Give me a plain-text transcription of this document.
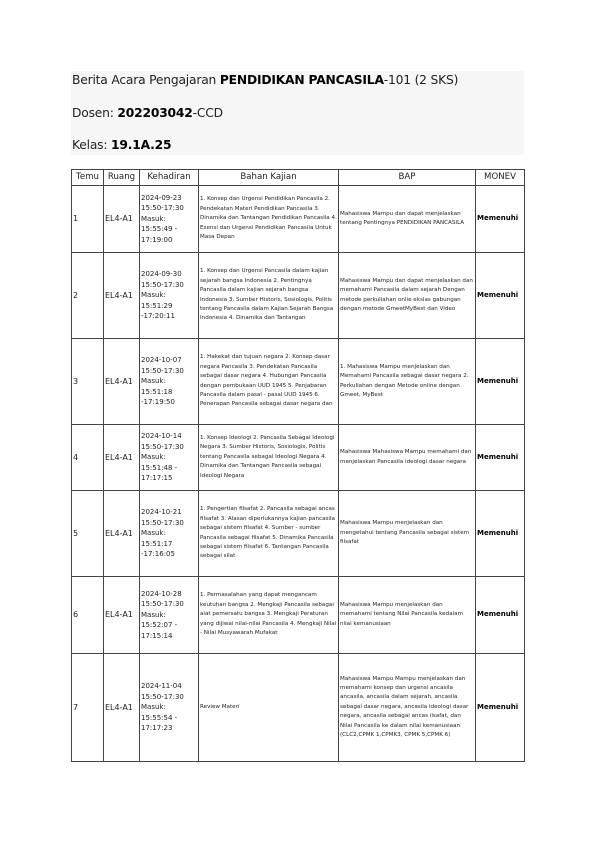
Berita Acara Pengajaran PENDIDIKAN PANCASILA-101 (2 SKS)
Dosen: 202203042-CCD
Kelas: 19.1A.25
Temu	Ruang	Kehadiran	Bahan Kajian	BAP	MONEV
1	EL4-A1	2024-09-23 15:50-17:30 Masuk: 15:55:49 - 17:19:00	1. Konsep dan Urgensi Pendidikan Pancasila 2. Pendekatan Materi Pendidikan Pancasila 3. Dinamika dan Tantangan Pendidikan Pancasila 4. Esensi dan Urgensi Pendidikan Pancasila Untuk Masa Depan	Mahasiswa Mampu dan dapat menjelaskan tentang Pentingnya PENDIDIKAN PANCASILA	Memenuhi
2	EL4-A1	2024-09-30 15:50-17:30 Masuk: 15:51:29 -17:20:11	1. Konsep dan Urgensi Pancasila dalam kajian sejarah bangsa Indonesia 2. Pentingnya Pancasila dalam kajian sejarah bangsa Indonesia 3. Sumber Historis, Sosiologis, Politis tentang Pancasila dalam Kajian Sejarah Bangsa Indonesia 4. Dinamika dan Tantangan	Mahasiswa Mampu dan dapat menjelaskan dan memahami Pancasila dalam sejarah Dengan metode perkuliahan onlie ekslas gabungan dengan metode GmeetMyBest dan Video	Memenuhi
3	EL4-A1	2024-10-07 15:50-17:30 Masuk: 15:51:18 -17:19:50	1. Hakekat dan tujuan negara 2. Konsep dasar negara Pancasila 3. Pendekatan Pancasila sebagai dasar negara 4. Hubungan Pancasila dengan pembukaan UUD 1945 5. Penjabaran Pancasila dalam pasal - pasal UUD 1945 6. Penerapan Pancasila sebagai dasar negara dan	1. Mahasiswa Mampu menjelaskan dan Memahami Pancasila sebagai dasar negara 2. Perkuliahan dengan Metode online dengan Gmeet, MyBest	Memenuhi
4	EL4-A1	2024-10-14 15:50-17:30 Masuk: 15:51:48 - 17:17:15	1. Konsep Ideologi 2. Pancasila Sebagai Ideologi Negara 3. Sumber Historis, Sosiologis, Politis tentang Pancasila sebagai Ideologi Negara 4. Dinamika dan Tantangan Pancasila sebagai Ideologi Negara	Mahasiswa Mahasiswa Mampu memahami dan menjelaskan Pancasila ideologi dasar negara	Memenuhi
5	EL4-A1	2024-10-21 15:50-17:30 Masuk: 15:51:17 -17:16:05	1. Pengertian filsafat 2. Pancasila sebagai ancas filsafat 3. Alasan diperlukannya kajian pancasila sebagai sistem filsafat 4. Sumber - sumber Pancasila sebagai filsafat 5. Dinamika Pancasila sebagai sistem filsafat 6. Tantangan Pancasila sebagai silat	Mahasiswa Mampu menjelaskan dan mengetahui tentang Pancasila sebagai sistem filsafat	Memenuhi
6	EL4-A1	2024-10-28 15:50-17:30 Masuk: 15:52:07 - 17:15:14	1. Permasalahan yang dapat mengancam keutuhan bangsa 2. Mengkaji Pancasila sebagai alat pemersatu bangsa 3. Mengkaji Peraturan yang dijiwai nilai-nilai Pancasila 4. Mengkaji Nilai - Nilai Musyawarah Mufakat	Mahasiswa Mampu menjelaskan dan memahami tentang Nilai Pancasila kedalam nilai kemanusiaan	Memenuhi
7	EL4-A1	2024-11-04 15:50-17:30 Masuk: 15:55:54 - 17:17:23	Review Materi	Mahasiswa Mampu Mampu menjelaskan dan memahami konsep dan urgensi ancasila ancasila, ancasila dalam sejarah, ancasila sebagai dasar negara, ancasila ideologi dasar negara, ancasila sebagai ancas ilsafat, dan Nilai Pancasila ke dalam nilai kemanusiaan (CLC2,CPMK 1,CPMK3, CPMK 5,CPMK 6)	Memenuhi
